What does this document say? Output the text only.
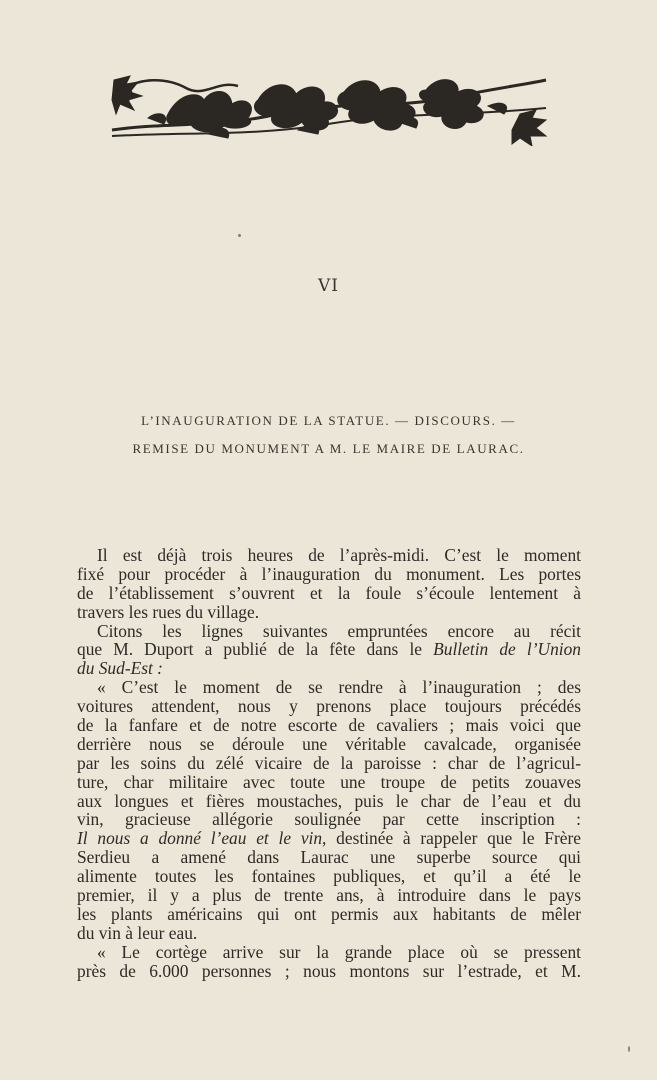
VI
L’INAUGURATION DE LA STATUE. — DISCOURS. —
REMISE DU MONUMENT A M. LE MAIRE DE LAURAC.
Il est déjà trois heures de l’après-midi. C’est le moment
fixé pour procéder à l’inauguration du monument. Les portes
de l’établissement s’ouvrent et la foule s’écoule lentement à
travers les rues du village.
Citons les lignes suivantes empruntées encore au récit
que M. Duport a publié de la fête dans le Bulletin de l’Union
du Sud-Est :
« C’est le moment de se rendre à l’inauguration ; des
voitures attendent, nous y prenons place toujours précédés
de la fanfare et de notre escorte de cavaliers ; mais voici que
derrière nous se déroule une véritable cavalcade, organisée
par les soins du zélé vicaire de la paroisse : char de l’agricul-
ture, char militaire avec toute une troupe de petits zouaves
aux longues et fières moustaches, puis le char de l’eau et du
vin, gracieuse allégorie soulignée par cette inscription :
Il nous a donné l’eau et le vin, destinée à rappeler que le Frère
Serdieu a amené dans Laurac une superbe source qui
alimente toutes les fontaines publiques, et qu’il a été le
premier, il y a plus de trente ans, à introduire dans le pays
les plants américains qui ont permis aux habitants de mêler
du vin à leur eau.
« Le cortège arrive sur la grande place où se pressent
près de 6.000 personnes ; nous montons sur l’estrade, et M.
